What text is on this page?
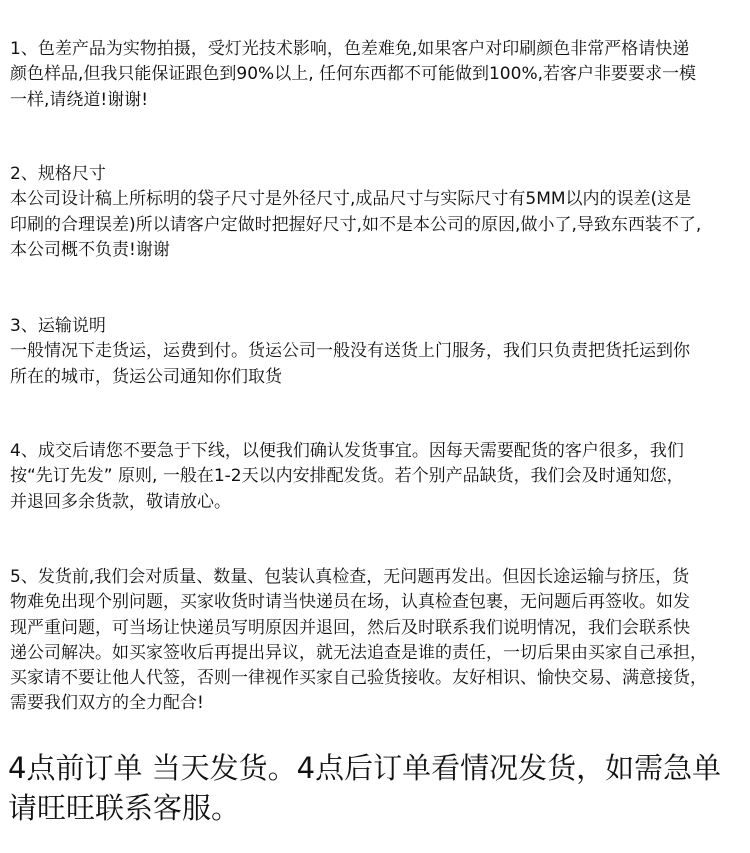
1、色差产品为实物拍摄，受灯光技术影响，色差难免,如果客户对印刷颜色非常严格请快递
颜色样品,但我只能保证跟色到90%以上, 任何东西都不可能做到100%,若客户非要要求一模
一样,请绕道!谢谢!
2、规格尺寸
本公司设计稿上所标明的袋子尺寸是外径尺寸,成品尺寸与实际尺寸有5MM以内的误差(这是
印刷的合理误差)所以请客户定做时把握好尺寸,如不是本公司的原因,做小了,导致东西装不了,
本公司概不负责!谢谢
3、运输说明
一般情况下走货运，运费到付。货运公司一般没有送货上门服务，我们只负责把货托运到你
所在的城市，货运公司通知你们取货
4、成交后请您不要急于下线，以便我们确认发货事宜。因每天需要配货的客户很多，我们
按“先订先发” 原则, 一般在1-2天以内安排配发货。若个别产品缺货，我们会及时通知您，
并退回多余货款，敬请放心。
5、发货前,我们会对质量、数量、包装认真检查，无问题再发出。但因长途运输与挤压，货
物难免出现个别问题，买家收货时请当快递员在场，认真检查包裹，无问题后再签收。如发
现严重问题，可当场让快递员写明原因并退回，然后及时联系我们说明情况，我们会联系快
递公司解决。如买家签收后再提出异议，就无法追查是谁的责任，一切后果由买家自己承担，
买家请不要让他人代签，否则一律视作买家自己验货接收。友好相识、愉快交易、满意接货，
需要我们双方的全力配合!
4点前订单 当天发货。4点后订单看情况发货，如需急单
请旺旺联系客服。
